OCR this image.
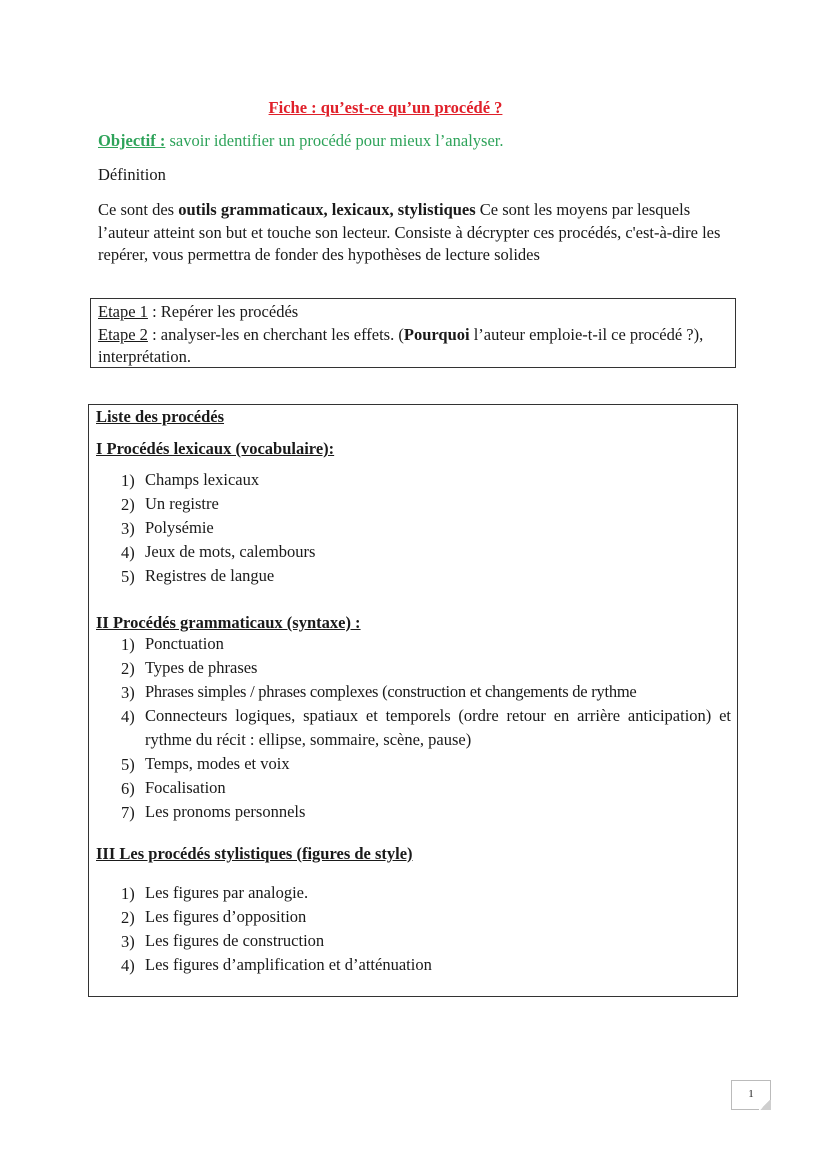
Fiche : qu’est-ce qu’un procédé ?
Objectif : savoir identifier un procédé pour mieux l’analyser.
Définition
Ce sont des outils grammaticaux, lexicaux, stylistiques Ce sont les moyens par lesquels l’auteur atteint son but et touche son lecteur. Consiste à décrypter ces procédés, c'est-à-dire les repérer, vous permettra de fonder des hypothèses de lecture solides
Etape 1 : Repérer les procédés
Etape 2 : analyser-les en cherchant les effets. (Pourquoi l’auteur emploie-t-il ce procédé ?), interprétation.
Liste des procédés
I Procédés lexicaux (vocabulaire):
1) Champs lexicaux
2) Un registre
3) Polysémie
4) Jeux de mots, calembours
5) Registres de langue
II Procédés grammaticaux (syntaxe) :
1) Ponctuation
2) Types de phrases
3) Phrases simples / phrases complexes (construction et changements de rythme
4) Connecteurs logiques, spatiaux et temporels (ordre retour en arrière anticipation) et rythme du récit : ellipse, sommaire, scène, pause)
5) Temps, modes et voix
6) Focalisation
7) Les pronoms personnels
III Les procédés stylistiques (figures de style)
1) Les figures par analogie.
2) Les figures d’opposition
3) Les figures de construction
4) Les figures d’amplification et d’atténuation
1
